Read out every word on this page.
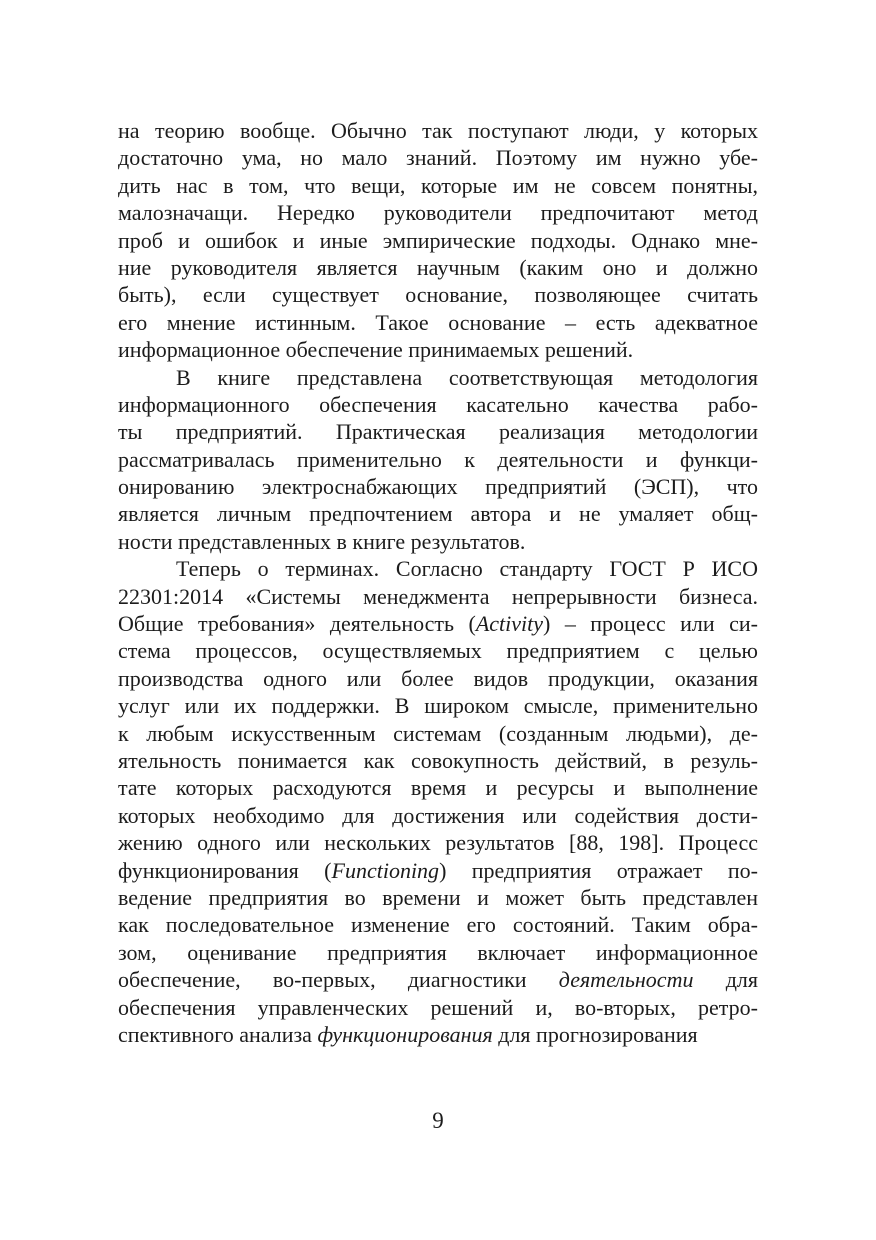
на теорию вообще. Обычно так поступают люди, у которых
достаточно ума, но мало знаний. Поэтому им нужно убе-
дить нас в том, что вещи, которые им не совсем понятны,
малозначащи. Нередко руководители предпочитают метод
проб и ошибок и иные эмпирические подходы. Однако мне-
ние руководителя является научным (каким оно и должно
быть), если существует основание, позволяющее считать
его мнение истинным. Такое основание – есть адекватное
информационное обеспечение принимаемых решений.
В книге представлена соответствующая методология
информационного обеспечения касательно качества рабо-
ты предприятий. Практическая реализация методологии
рассматривалась применительно к деятельности и функци-
онированию электроснабжающих предприятий (ЭСП), что
является личным предпочтением автора и не умаляет общ-
ности представленных в книге результатов.
Теперь о терминах. Согласно стандарту ГОСТ Р ИСО
22301:2014 «Системы менеджмента непрерывности бизнеса.
Общие требования» деятельность (Activity) – процесс или си-
стема процессов, осуществляемых предприятием с целью
производства одного или более видов продукции, оказания
услуг или их поддержки. В широком смысле, применительно
к любым искусственным системам (созданным людьми), де-
ятельность понимается как совокупность действий, в резуль-
тате которых расходуются время и ресурсы и выполнение
которых необходимо для достижения или содействия дости-
жению одного или нескольких результатов [88, 198]. Процесс
функционирования (Functioning) предприятия отражает по-
ведение предприятия во времени и может быть представлен
как последовательное изменение его состояний. Таким обра-
зом, оценивание предприятия включает информационное
обеспечение, во-первых, диагностики деятельности для
обеспечения управленческих решений и, во-вторых, ретро-
спективного анализа функционирования для прогнозирования
9
